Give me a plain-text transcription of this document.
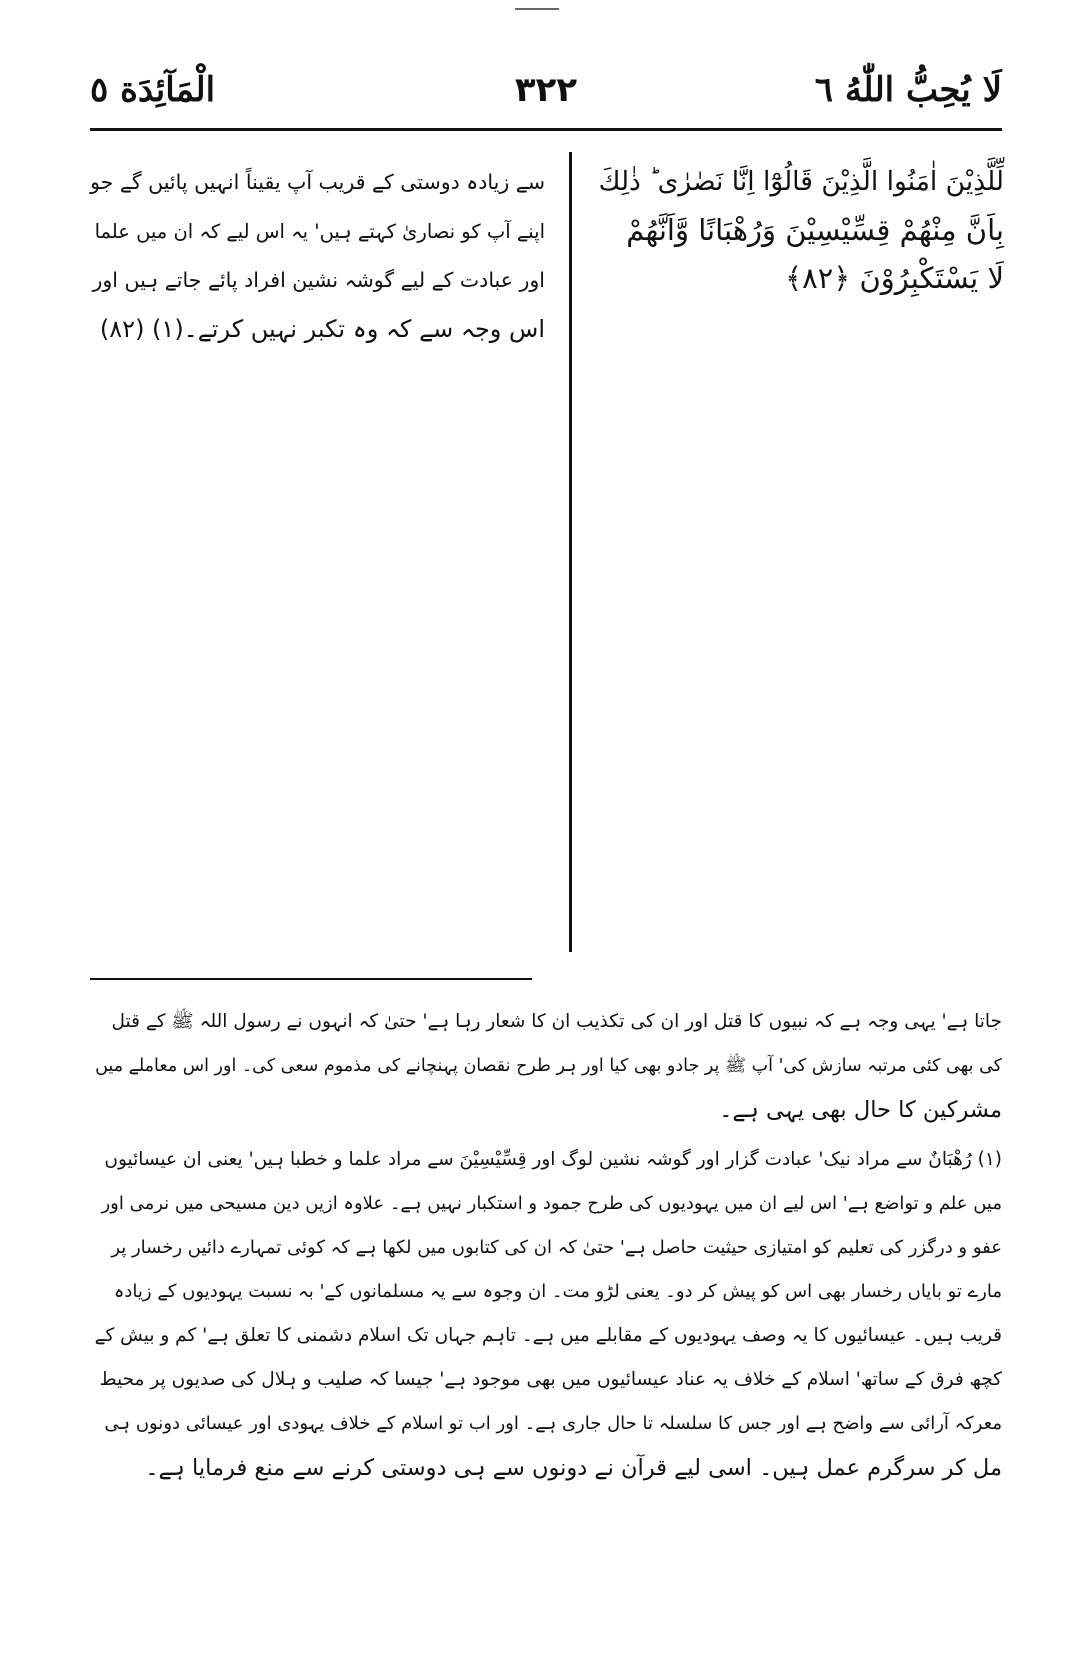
لَا يُحِبُّ اللّٰهُ ٦
۳۲۲
الْمَآئِدَة ٥
لِّلَّذِيْنَ اٰمَنُوا الَّذِيْنَ قَالُوْٓا اِنَّا نَصٰرٰى ؕ ذٰلِكَ
بِاَنَّ مِنْهُمْ قِسِّيْسِيْنَ وَرُهْبَانًا وَّاَنَّهُمْ
لَا يَسْتَكْبِرُوْنَ ﴿۸۲﴾
سے زیادہ دوستی کے قریب آپ یقیناً انہیں پائیں گے جو
اپنے آپ کو نصاریٰ کہتے ہیں' یہ اس لیے کہ ان میں علما
اور عبادت کے لیے گوشہ نشین افراد پائے جاتے ہیں اور
اس وجہ سے کہ وہ تکبر نہیں کرتے۔(۱) (۸۲)
جاتا ہے' یہی وجہ ہے کہ نبیوں کا قتل اور ان کی تکذیب ان کا شعار رہا ہے' حتیٰ کہ انہوں نے رسول اللہ ﷺ کے قتل
کی بھی کئی مرتبہ سازش کی' آپ ﷺ پر جادو بھی کیا اور ہر طرح نقصان پہنچانے کی مذموم سعی کی۔ اور اس معاملے میں
مشرکین کا حال بھی یہی ہے۔
(۱) رُهْبَانٌ سے مراد نیک' عبادت گزار اور گوشہ نشین لوگ اور قِسِّيْسِيْنَ سے مراد علما و خطبا ہیں' یعنی ان عیسائیوں
میں علم و تواضع ہے' اس لیے ان میں یہودیوں کی طرح جمود و استکبار نہیں ہے۔ علاوہ ازیں دین مسیحی میں نرمی اور
عفو و درگزر کی تعلیم کو امتیازی حیثیت حاصل ہے' حتیٰ کہ ان کی کتابوں میں لکھا ہے کہ کوئی تمہارے دائیں رخسار پر
مارے تو بایاں رخسار بھی اس کو پیش کر دو۔ یعنی لڑو مت۔ ان وجوہ سے یہ مسلمانوں کے' بہ نسبت یہودیوں کے زیادہ
قریب ہیں۔ عیسائیوں کا یہ وصف یہودیوں کے مقابلے میں ہے۔ تاہم جہاں تک اسلام دشمنی کا تعلق ہے' کم و بیش کے
کچھ فرق کے ساتھ' اسلام کے خلاف یہ عناد عیسائیوں میں بھی موجود ہے' جیسا کہ صلیب و ہلال کی صدیوں پر محیط
معرکہ آرائی سے واضح ہے اور جس کا سلسلہ تا حال جاری ہے۔ اور اب تو اسلام کے خلاف یہودی اور عیسائی دونوں ہی
مل کر سرگرم عمل ہیں۔ اسی لیے قرآن نے دونوں سے ہی دوستی کرنے سے منع فرمایا ہے۔
